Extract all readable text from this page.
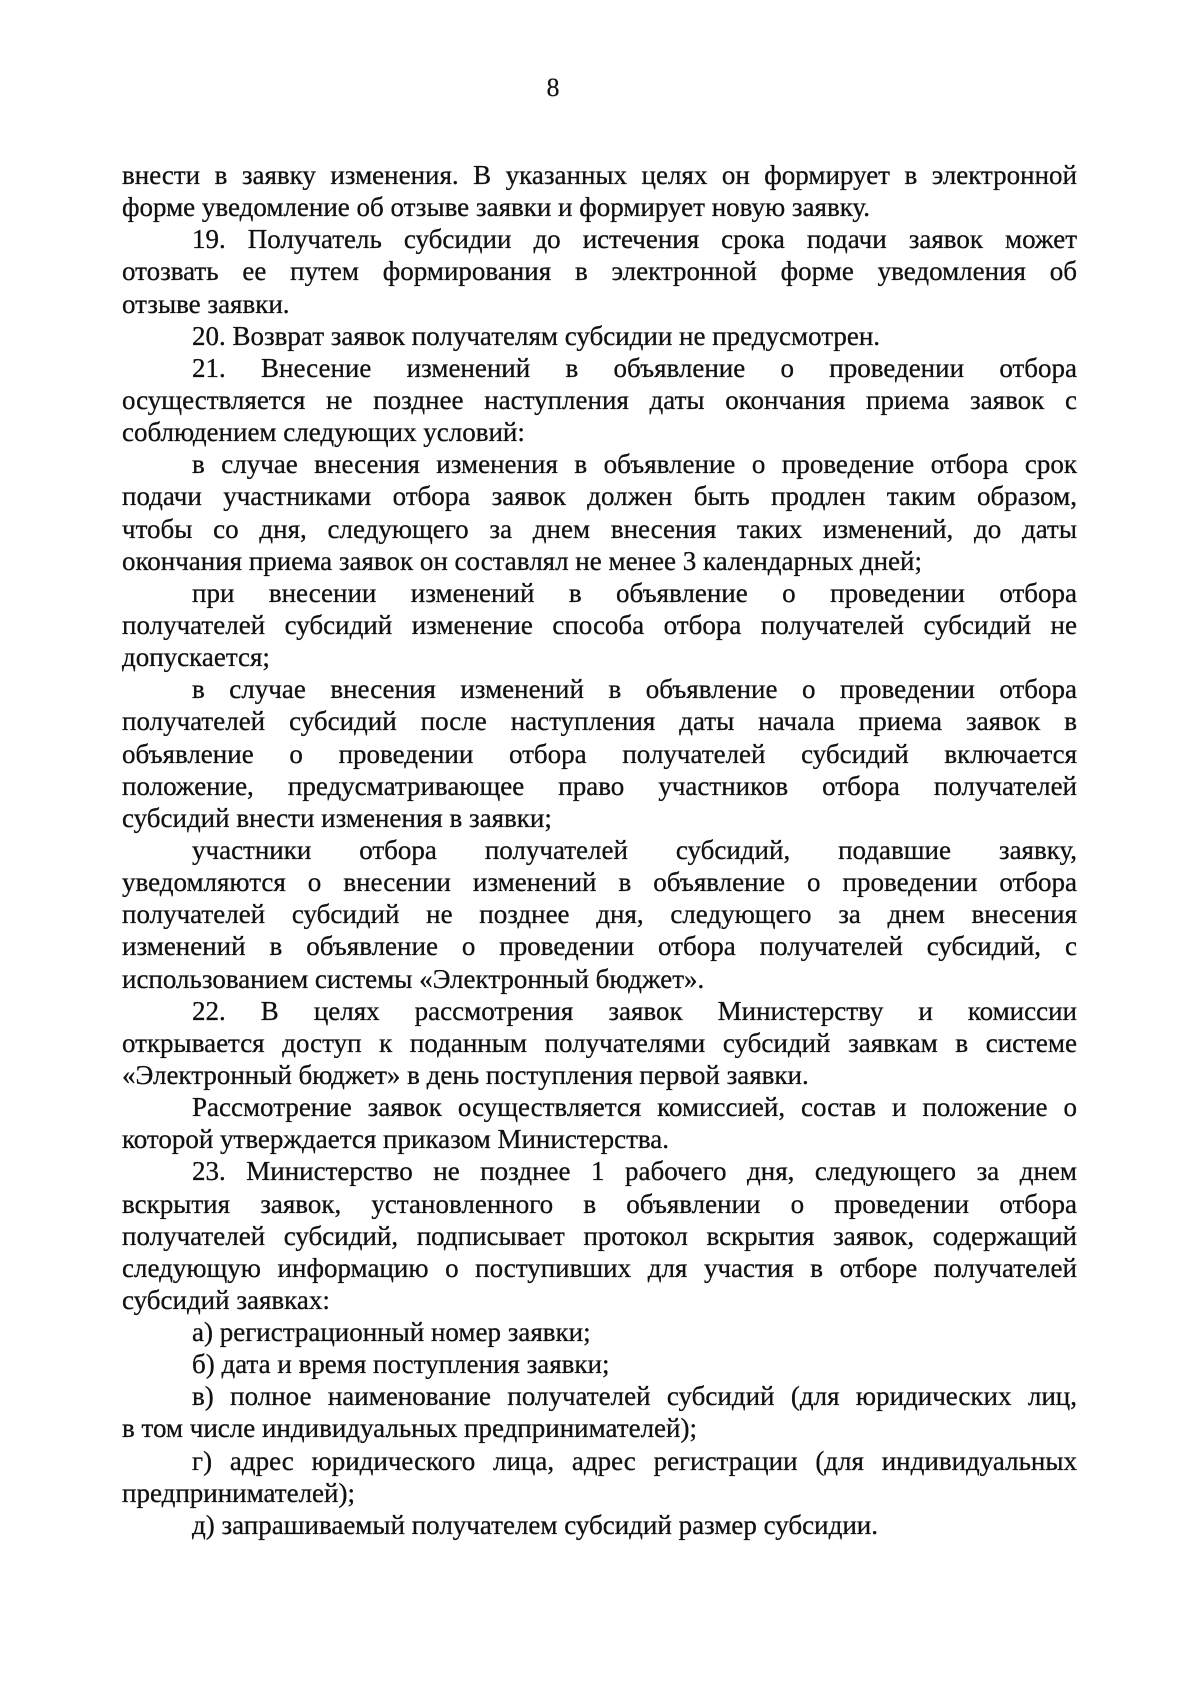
8
внести в заявку изменения. В указанных целях он формирует в электронной
форме уведомление об отзыве заявки и формирует новую заявку.
19. Получатель субсидии до истечения срока подачи заявок может
отозвать ее путем формирования в электронной форме уведомления об
отзыве заявки.
20. Возврат заявок получателям субсидии не предусмотрен.
21. Внесение изменений в объявление о проведении отбора
осуществляется не позднее наступления даты окончания приема заявок с
соблюдением следующих условий:
в случае внесения изменения в объявление о проведение отбора срок
подачи участниками отбора заявок должен быть продлен таким образом,
чтобы со дня, следующего за днем внесения таких изменений, до даты
окончания приема заявок он составлял не менее 3 календарных дней;
при внесении изменений в объявление о проведении отбора
получателей субсидий изменение способа отбора получателей субсидий не
допускается;
в случае внесения изменений в объявление о проведении отбора
получателей субсидий после наступления даты начала приема заявок в
объявление о проведении отбора получателей субсидий включается
положение, предусматривающее право участников отбора получателей
субсидий внести изменения в заявки;
участники отбора получателей субсидий, подавшие заявку,
уведомляются о внесении изменений в объявление о проведении отбора
получателей субсидий не позднее дня, следующего за днем внесения
изменений в объявление о проведении отбора получателей субсидий, с
использованием системы «Электронный бюджет».
22. В целях рассмотрения заявок Министерству и комиссии
открывается доступ к поданным получателями субсидий заявкам в системе
«Электронный бюджет» в день поступления первой заявки.
Рассмотрение заявок осуществляется комиссией, состав и положение о
которой утверждается приказом Министерства.
23. Министерство не позднее 1 рабочего дня, следующего за днем
вскрытия заявок, установленного в объявлении о проведении отбора
получателей субсидий, подписывает протокол вскрытия заявок, содержащий
следующую информацию о поступивших для участия в отборе получателей
субсидий заявках:
а) регистрационный номер заявки;
б) дата и время поступления заявки;
в) полное наименование получателей субсидий (для юридических лиц,
в том числе индивидуальных предпринимателей);
г) адрес юридического лица, адрес регистрации (для индивидуальных
предпринимателей);
д) запрашиваемый получателем субсидий размер субсидии.
